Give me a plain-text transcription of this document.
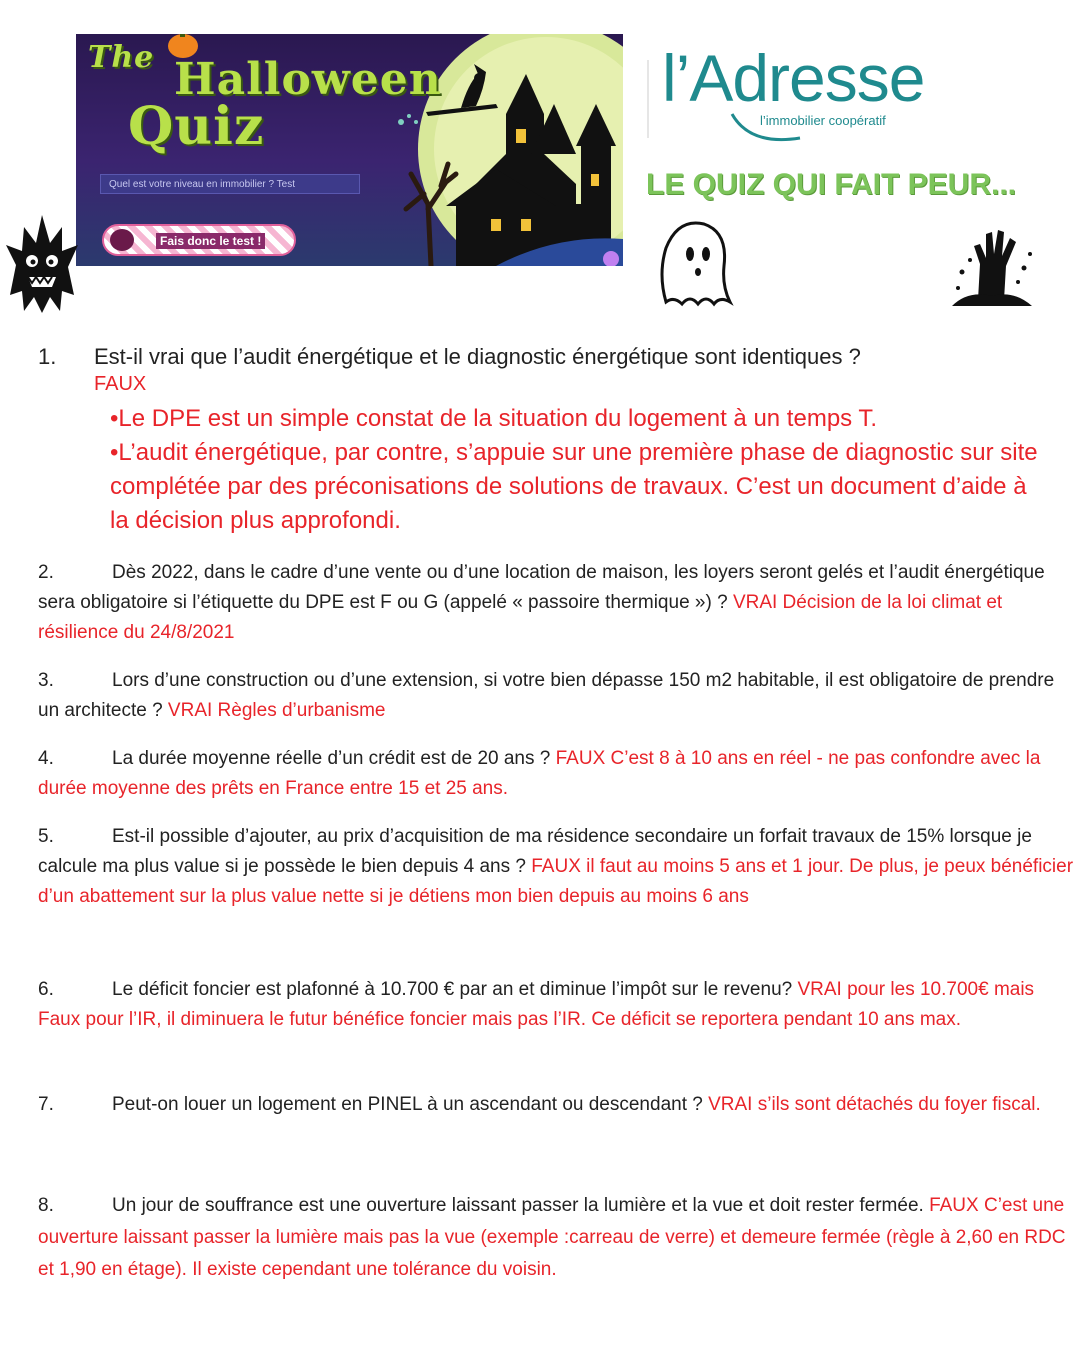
The Halloween
Quiz
Quel est votre niveau en immobilier ? Test
Fais donc le test !
l’Adresse
l’immobilier coopératif
LE QUIZ QUI FAIT PEUR...
1. Est-il vrai que l’audit énergétique et le diagnostic énergétique sont identiques ?
FAUX
•Le DPE est un simple constat de la situation du logement à un temps T.
•L’audit énergétique, par contre, s’appuie sur une première phase de diagnostic sur site complétée par des préconisations de solutions de travaux. C’est un document d’aide à la décision plus approfondi.
2.	Dès 2022, dans le cadre d’une vente ou d’une location de maison, les loyers seront gelés et l’audit énergétique sera obligatoire si l’étiquette du DPE est F ou G (appelé « passoire thermique ») ? VRAI Décision de la loi climat et résilience du 24/8/2021
3.	Lors d’une construction ou d’une extension, si votre bien dépasse 150 m2 habitable, il est obligatoire de prendre un architecte ? VRAI Règles d’urbanisme
4.	La durée moyenne réelle d’un crédit est de 20 ans ? FAUX C’est 8 à 10 ans en réel - ne pas confondre avec la durée moyenne des prêts en France entre 15 et 25 ans.
5.	Est-il possible d’ajouter, au prix d’acquisition de ma résidence secondaire un forfait travaux de 15% lorsque je calcule ma plus value si je possède le bien depuis 4 ans ? FAUX il faut au moins 5 ans et 1 jour. De plus, je peux bénéficier d’un abattement sur la plus value nette si je détiens mon bien depuis au moins 6 ans
6.	Le déficit foncier est plafonné à 10.700 € par an et diminue l’impôt sur le revenu? VRAI pour les 10.700€ mais Faux pour l’IR, il diminuera le futur bénéfice foncier mais pas l’IR. Ce déficit se reportera pendant 10 ans max.
7.	Peut-on louer un logement en PINEL à un ascendant ou descendant ? VRAI s’ils sont détachés du foyer fiscal.
8.	Un jour de souffrance est une ouverture laissant passer la lumière et la vue et doit rester fermée. FAUX C’est une ouverture laissant passer la lumière mais pas la vue (exemple :carreau de verre) et demeure fermée (règle à 2,60 en RDC et 1,90 en étage). Il existe cependant une tolérance du voisin.
